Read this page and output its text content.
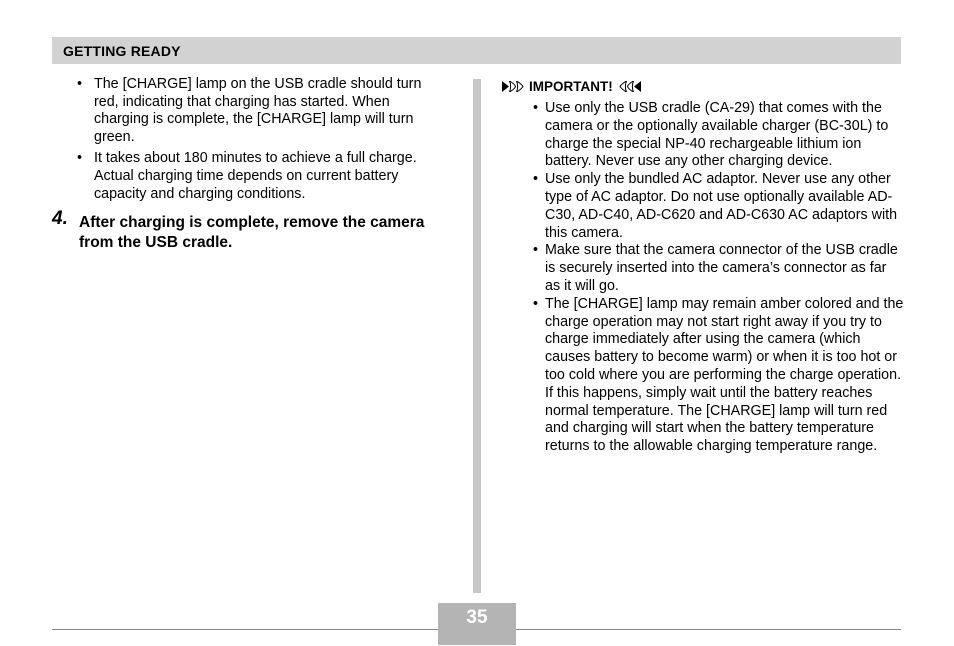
GETTING READY
• The [CHARGE] lamp on the USB cradle should turn red, indicating that charging has started. When charging is complete, the [CHARGE] lamp will turn green.
• It takes about 180 minutes to achieve a full charge. Actual charging time depends on current battery capacity and charging conditions.
4. After charging is complete, remove the camera from the USB cradle.
IMPORTANT!
• Use only the USB cradle (CA-29) that comes with the camera or the optionally available charger (BC-30L) to charge the special NP-40 rechargeable lithium ion battery. Never use any other charging device.
• Use only the bundled AC adaptor. Never use any other type of AC adaptor. Do not use optionally available AD-C30, AD-C40, AD-C620 and AD-C630 AC adaptors with this camera.
• Make sure that the camera connector of the USB cradle is securely inserted into the camera’s connector as far as it will go.
• The [CHARGE] lamp may remain amber colored and the charge operation may not start right away if you try to charge immediately after using the camera (which causes battery to become warm) or when it is too hot or too cold where you are performing the charge operation. If this happens, simply wait until the battery reaches normal temperature. The [CHARGE] lamp will turn red and charging will start when the battery temperature returns to the allowable charging temperature range.
35
